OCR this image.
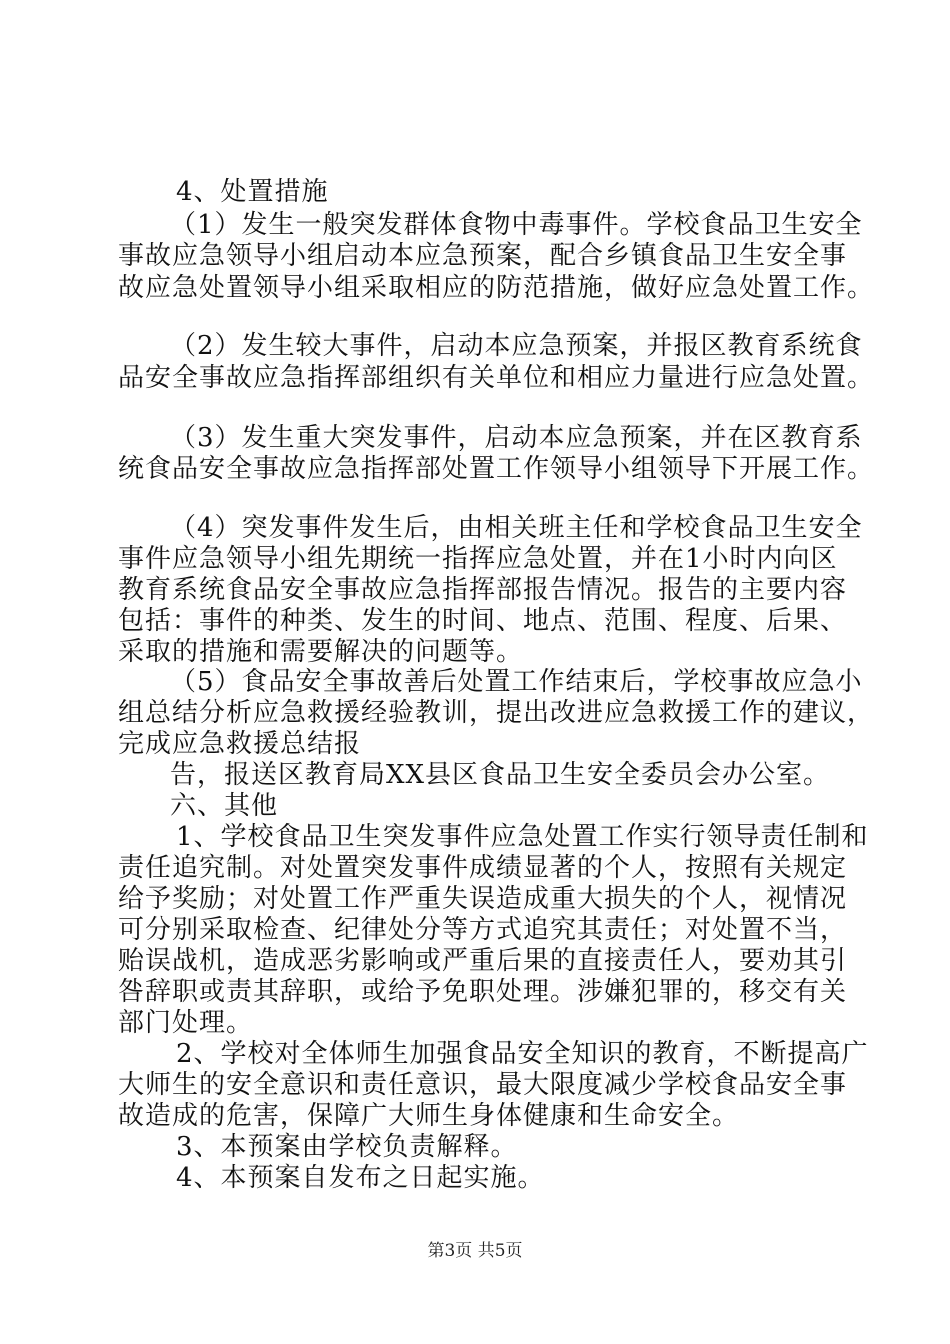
4、处置措施
（1）发生一般突发群体食物中毒事件。学校食品卫生安全
事故应急领导小组启动本应急预案，配合乡镇食品卫生安全事
故应急处置领导小组采取相应的防范措施，做好应急处置工作。
（2）发生较大事件，启动本应急预案，并报区教育系统食
品安全事故应急指挥部组织有关单位和相应力量进行应急处置。
（3）发生重大突发事件，启动本应急预案，并在区教育系
统食品安全事故应急指挥部处置工作领导小组领导下开展工作。
（4）突发事件发生后，由相关班主任和学校食品卫生安全
事件应急领导小组先期统一指挥应急处置，并在1小时内向区
教育系统食品安全事故应急指挥部报告情况。报告的主要内容
包括：事件的种类、发生的时间、地点、范围、程度、后果、
采取的措施和需要解决的问题等。
（5）食品安全事故善后处置工作结束后，学校事故应急小
组总结分析应急救援经验教训，提出改进应急救援工作的建议，
完成应急救援总结报
告，报送区教育局XX县区食品卫生安全委员会办公室。
六、其他
1、学校食品卫生突发事件应急处置工作实行领导责任制和
责任追究制。对处置突发事件成绩显著的个人，按照有关规定
给予奖励；对处置工作严重失误造成重大损失的个人，视情况
可分别采取检查、纪律处分等方式追究其责任；对处置不当，
贻误战机，造成恶劣影响或严重后果的直接责任人，要劝其引
咎辞职或责其辞职，或给予免职处理。涉嫌犯罪的，移交有关
部门处理。
2、学校对全体师生加强食品安全知识的教育，不断提高广
大师生的安全意识和责任意识，最大限度减少学校食品安全事
故造成的危害，保障广大师生身体健康和生命安全。
3、本预案由学校负责解释。
4、本预案自发布之日起实施。
第3页 共5页
